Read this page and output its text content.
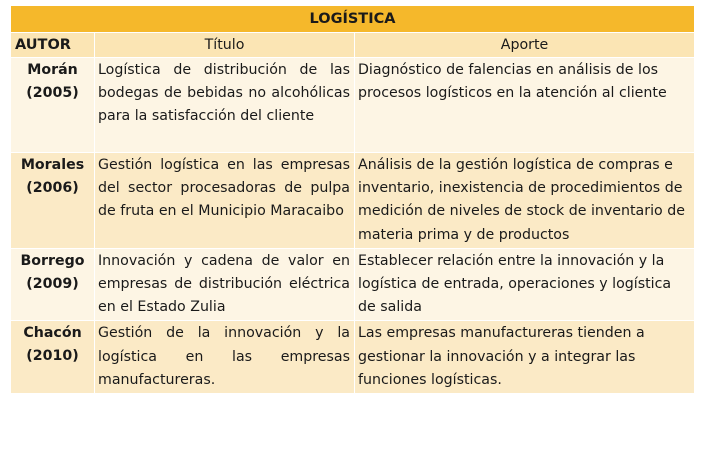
LOGÍSTICA		
AUTOR	Título	Aporte

Morán
(2005)	Logística de distribución de las bodegas de bebidas no alcohólicas para la satisfacción del cliente	Diagnóstico de falencias en análisis de los procesos logísticos en la atención al cliente

Morales
(2006)	Gestión logística en las empresas del sector procesadoras de pulpa de fruta en el Municipio Maracaibo	Análisis de la gestión logística de compras e inventario, inexistencia de procedimientos de medición de niveles de stock de inventario de materia prima y de productos

Borrego
(2009)	Innovación y cadena de valor en empresas de distribución eléctrica en el Estado Zulia	Establecer relación entre la innovación y la logística de entrada, operaciones y logística de salida

Chacón
(2010)	Gestión de la innovación y la logística en las empresas manufactureras.	Las empresas manufactureras tienden a gestionar la innovación y a integrar las funciones logísticas.
